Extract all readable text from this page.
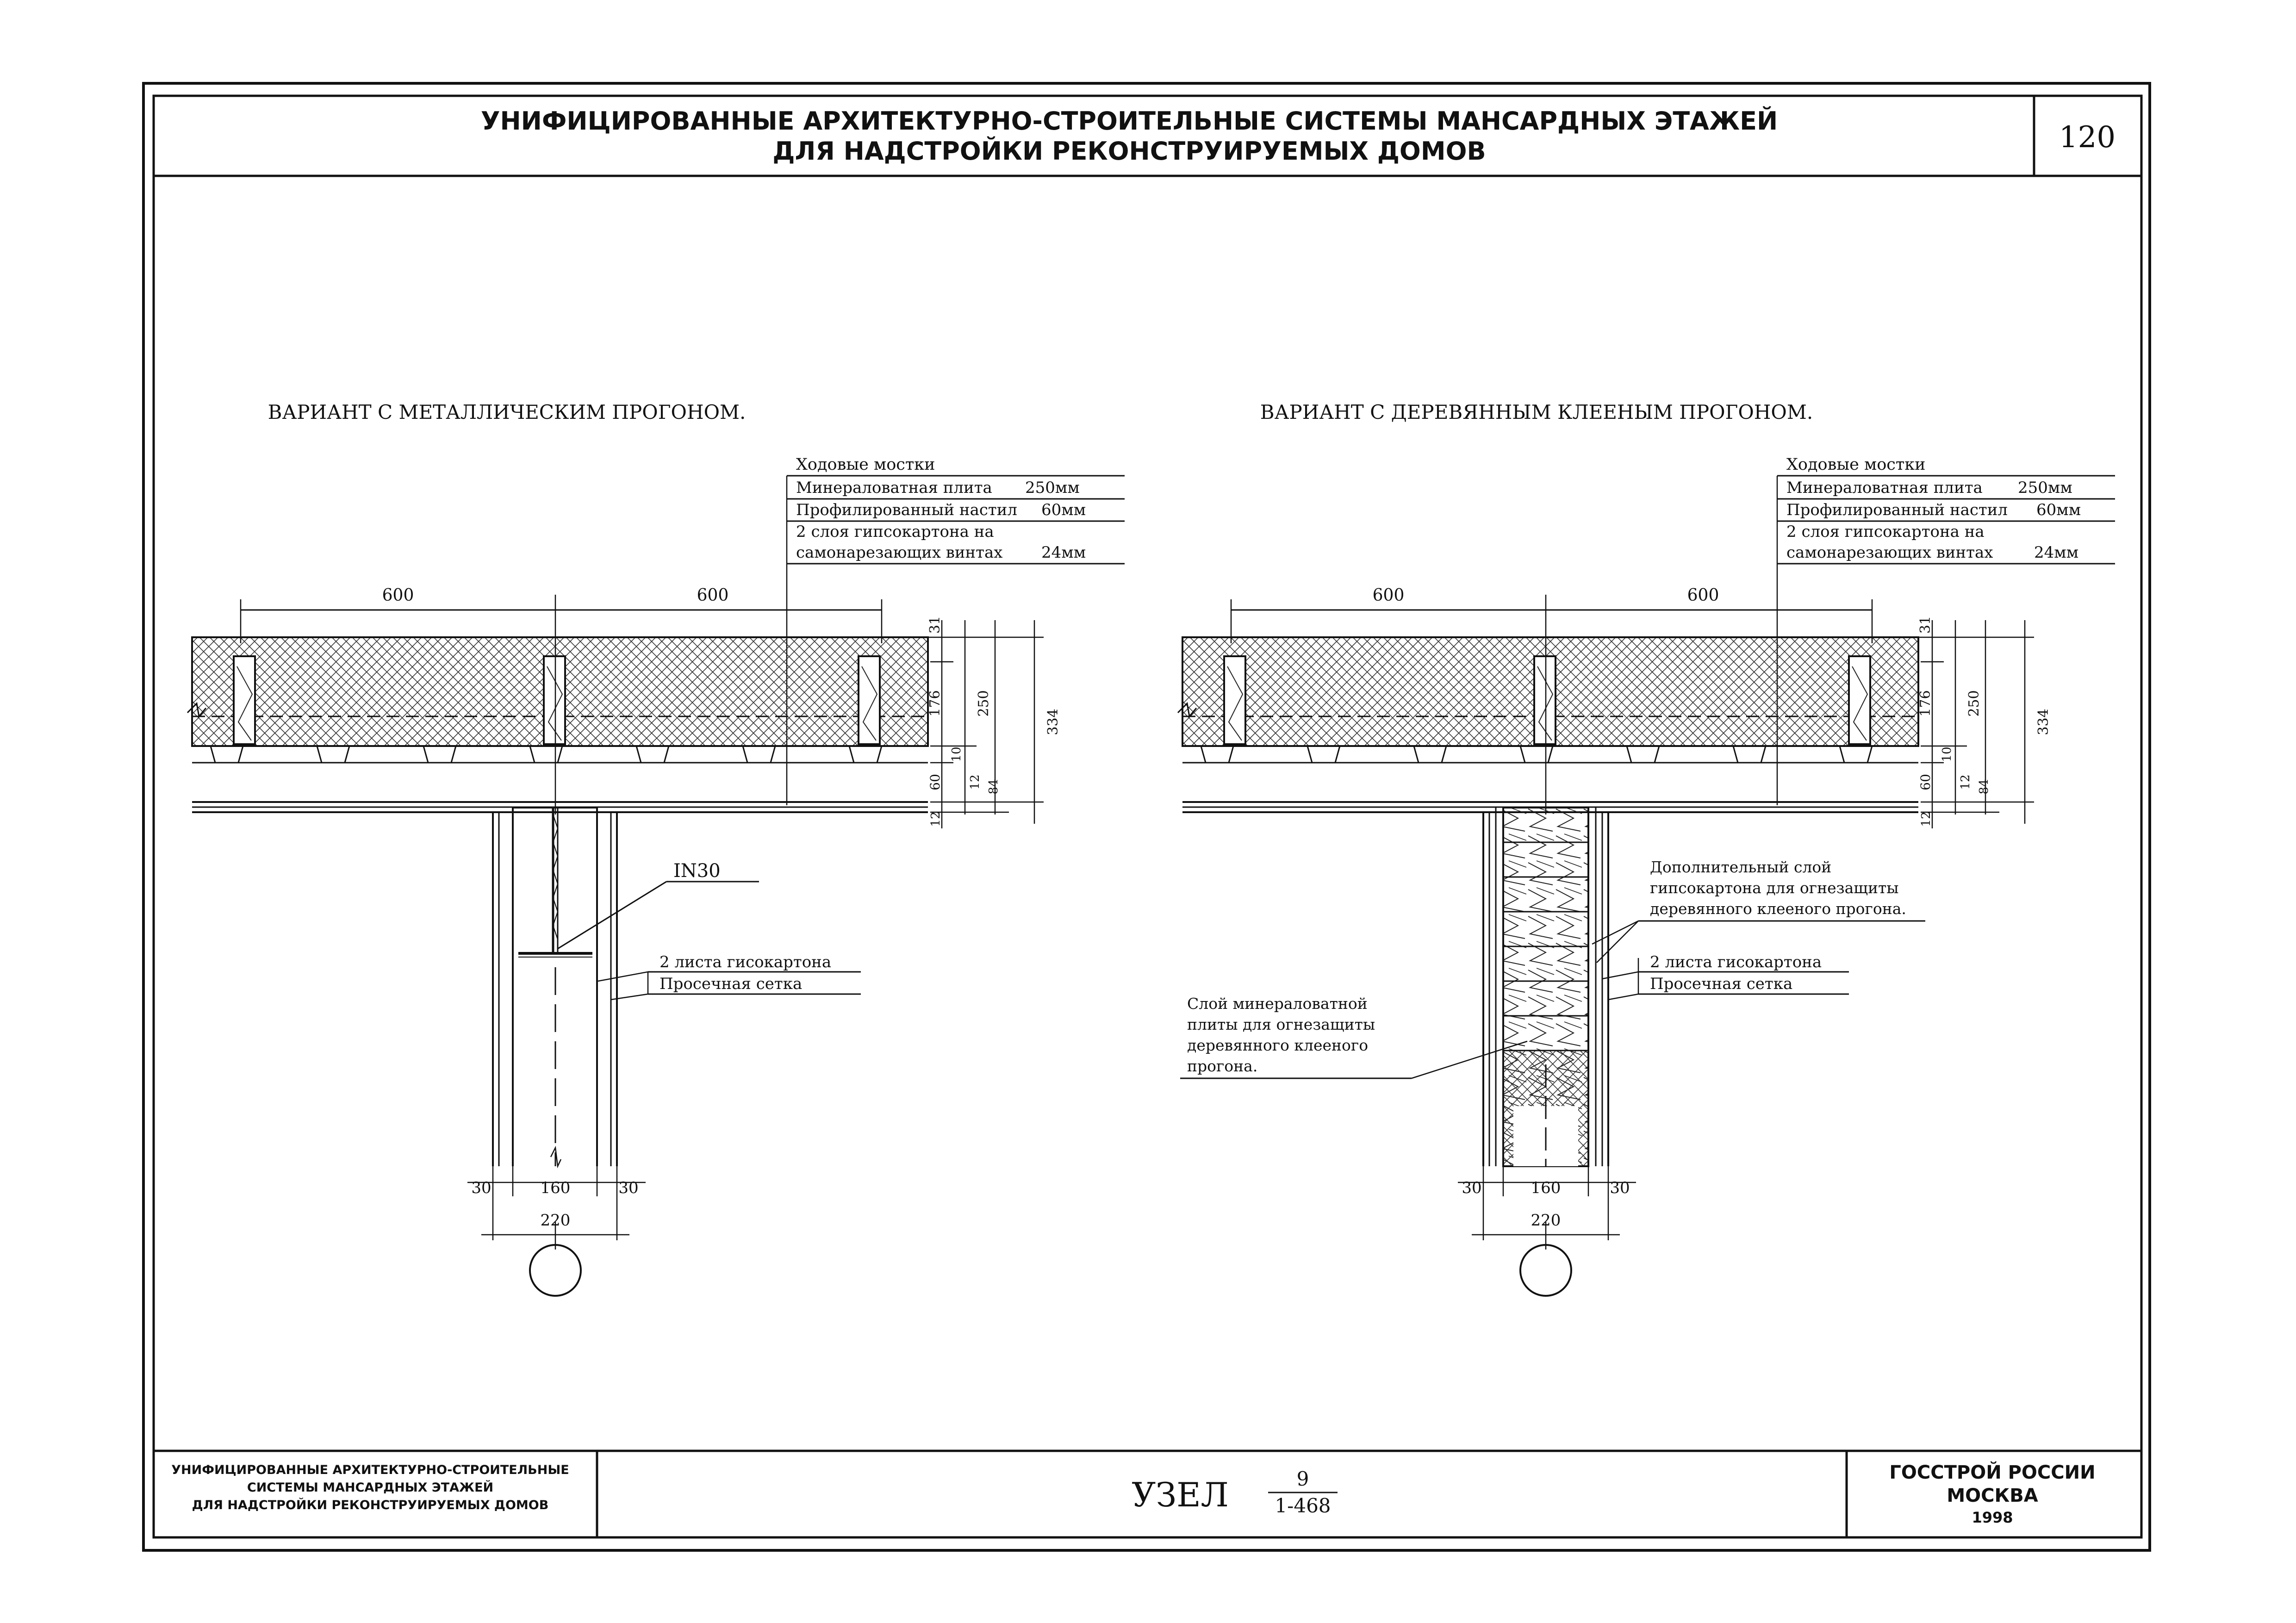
УНИФИЦИРОВАННЫЕ АРХИТЕКТУРНО-СТРОИТЕЛЬНЫЕ СИСТЕМЫ МАНСАРДНЫХ ЭТАЖЕЙ
ДЛЯ НАДСТРОЙКИ РЕКОНСТРУИРУЕМЫХ ДОМОВ	120
ВАРИАНТ С МЕТАЛЛИЧЕСКИМ ПРОГОНОМ.
Ходовые мостки
Минераловатная плита 250мм
Профилированный настил 60мм
2 слоя гипсокартона на
самонарезающих винтах 24мм
600	600
31
176 250
334
60
10
12 84
12
IN30
2 листа гисокартона
Просечная сетка
30	160	30
220
ВАРИАНТ С ДЕРЕВЯННЫМ КЛЕЕНЫМ ПРОГОНОМ.
Ходовые мостки
Минераловатная плита 250мм
Профилированный настил 60мм
2 слоя гипсокартона на
самонарезающих винтах	24мм
600	600
31
176 250
334
60
10
12 84
12
Дополнительный слой
гипсокартона для огнезащиты
деревянного клееного прогона.
2 листа гисокартона
Просечная сетка
Слой минераловатной
плиты для огнезащиты
деревянного клееного
прогона.
30	160	30
220
УНИФИЦИРОВАННЫЕ АРХИТЕКТУРНО-СТРОИТЕЛЬНЫЕ
СИСТЕМЫ МАНСАРДНЫХ ЭТАЖЕЙ
ДЛЯ НАДСТРОЙКИ РЕКОНСТРУИРУЕМЫХ ДОМОВ	УЗЕЛ	9
1-468
ГОССТРОЙ РОССИИ
МОСКВА
1998
